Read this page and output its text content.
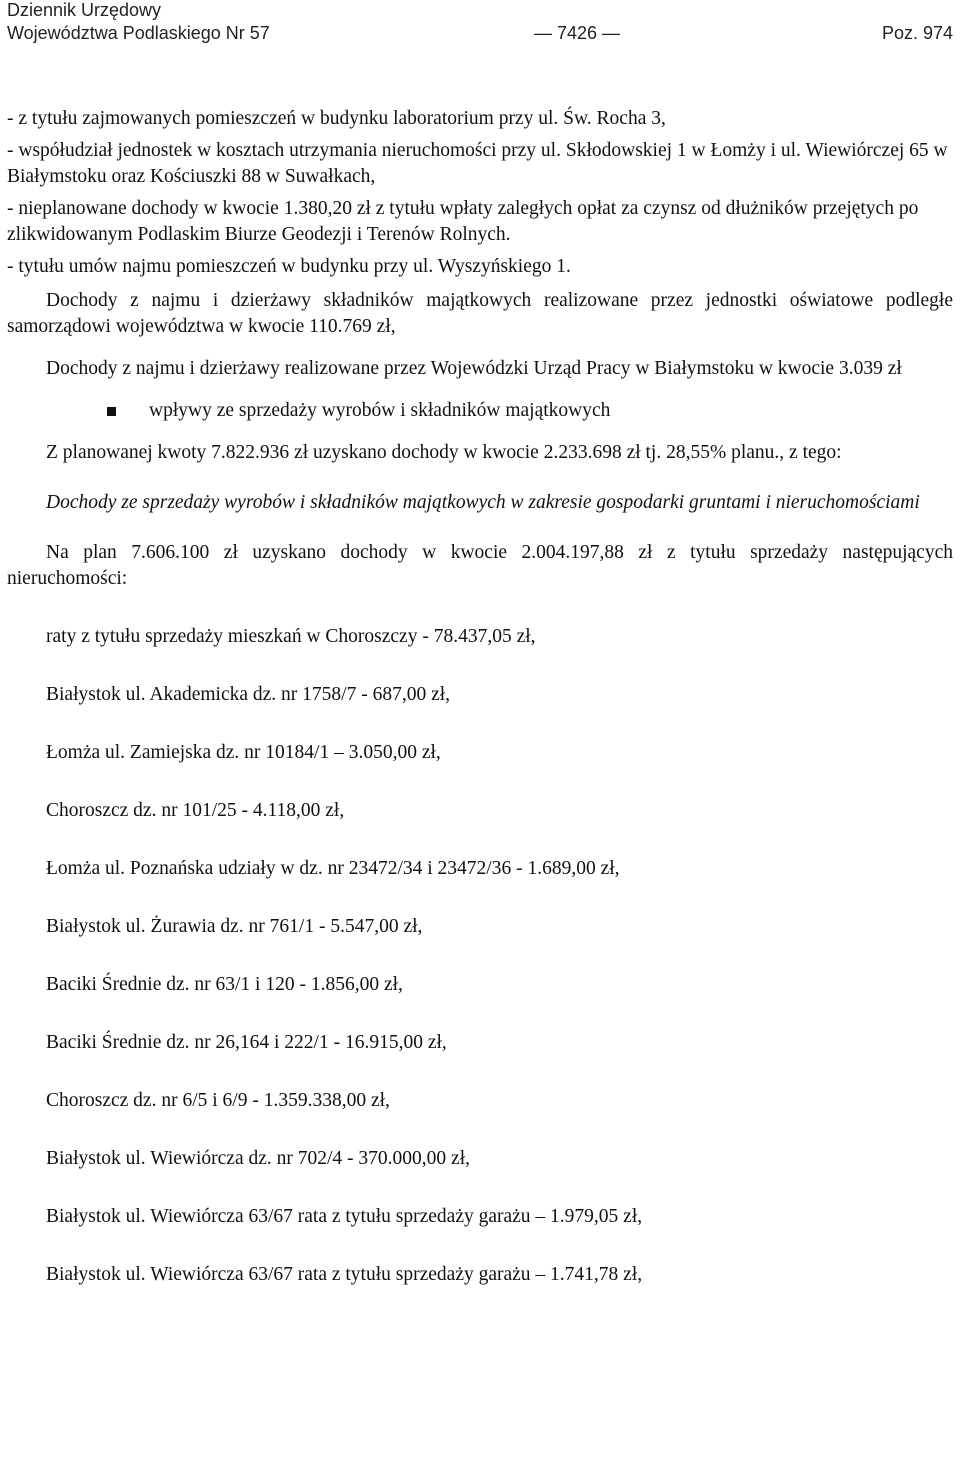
Dziennik Urzędowy
Województwa Podlaskiego Nr 57	— 7426 —	Poz. 974

- z tytułu zajmowanych pomieszczeń w budynku laboratorium przy ul. Św. Rocha 3,

- współudział jednostek w kosztach utrzymania nieruchomości przy ul. Skłodowskiej 1 w Łomży i ul. Wiewiórczej 65 w Białymstoku oraz Kościuszki 88 w Suwałkach,

- nieplanowane dochody w kwocie 1.380,20 zł z tytułu wpłaty zaległych opłat za czynsz od dłużników przejętych po zlikwidowanym Podlaskim Biurze Geodezji i Terenów Rolnych.

- tytułu umów najmu pomieszczeń w budynku przy ul. Wyszyńskiego 1.

Dochody z najmu i dzierżawy składników majątkowych realizowane przez jednostki oświatowe podległe samorządowi województwa w kwocie 110.769 zł,

Dochody z najmu i dzierżawy realizowane przez Wojewódzki Urząd Pracy w Białymstoku w kwocie 3.039 zł

wpływy ze sprzedaży wyrobów i składników majątkowych

Z planowanej kwoty 7.822.936 zł uzyskano dochody w kwocie 2.233.698 zł tj. 28,55% planu., z tego:

Dochody ze sprzedaży wyrobów i składników majątkowych w zakresie gospodarki gruntami i nieruchomościami

Na plan 7.606.100 zł uzyskano dochody w kwocie 2.004.197,88 zł z tytułu sprzedaży następujących nieruchomości:

raty z tytułu sprzedaży mieszkań w Choroszczy - 78.437,05 zł,

Białystok ul. Akademicka dz. nr 1758/7 - 687,00 zł,

Łomża ul. Zamiejska dz. nr 10184/1 – 3.050,00 zł,

Choroszcz dz. nr 101/25 - 4.118,00 zł,

Łomża ul. Poznańska udziały w dz. nr 23472/34 i 23472/36 - 1.689,00 zł,

Białystok ul. Żurawia dz. nr 761/1 - 5.547,00 zł,

Baciki Średnie dz. nr 63/1 i 120 - 1.856,00 zł,

Baciki Średnie dz. nr 26,164 i 222/1 - 16.915,00 zł,

Choroszcz dz. nr 6/5 i 6/9 - 1.359.338,00 zł,

Białystok ul. Wiewiórcza dz. nr 702/4 - 370.000,00 zł,

Białystok ul. Wiewiórcza 63/67 rata z tytułu sprzedaży garażu – 1.979,05 zł,

Białystok ul. Wiewiórcza 63/67 rata z tytułu sprzedaży garażu – 1.741,78 zł,
